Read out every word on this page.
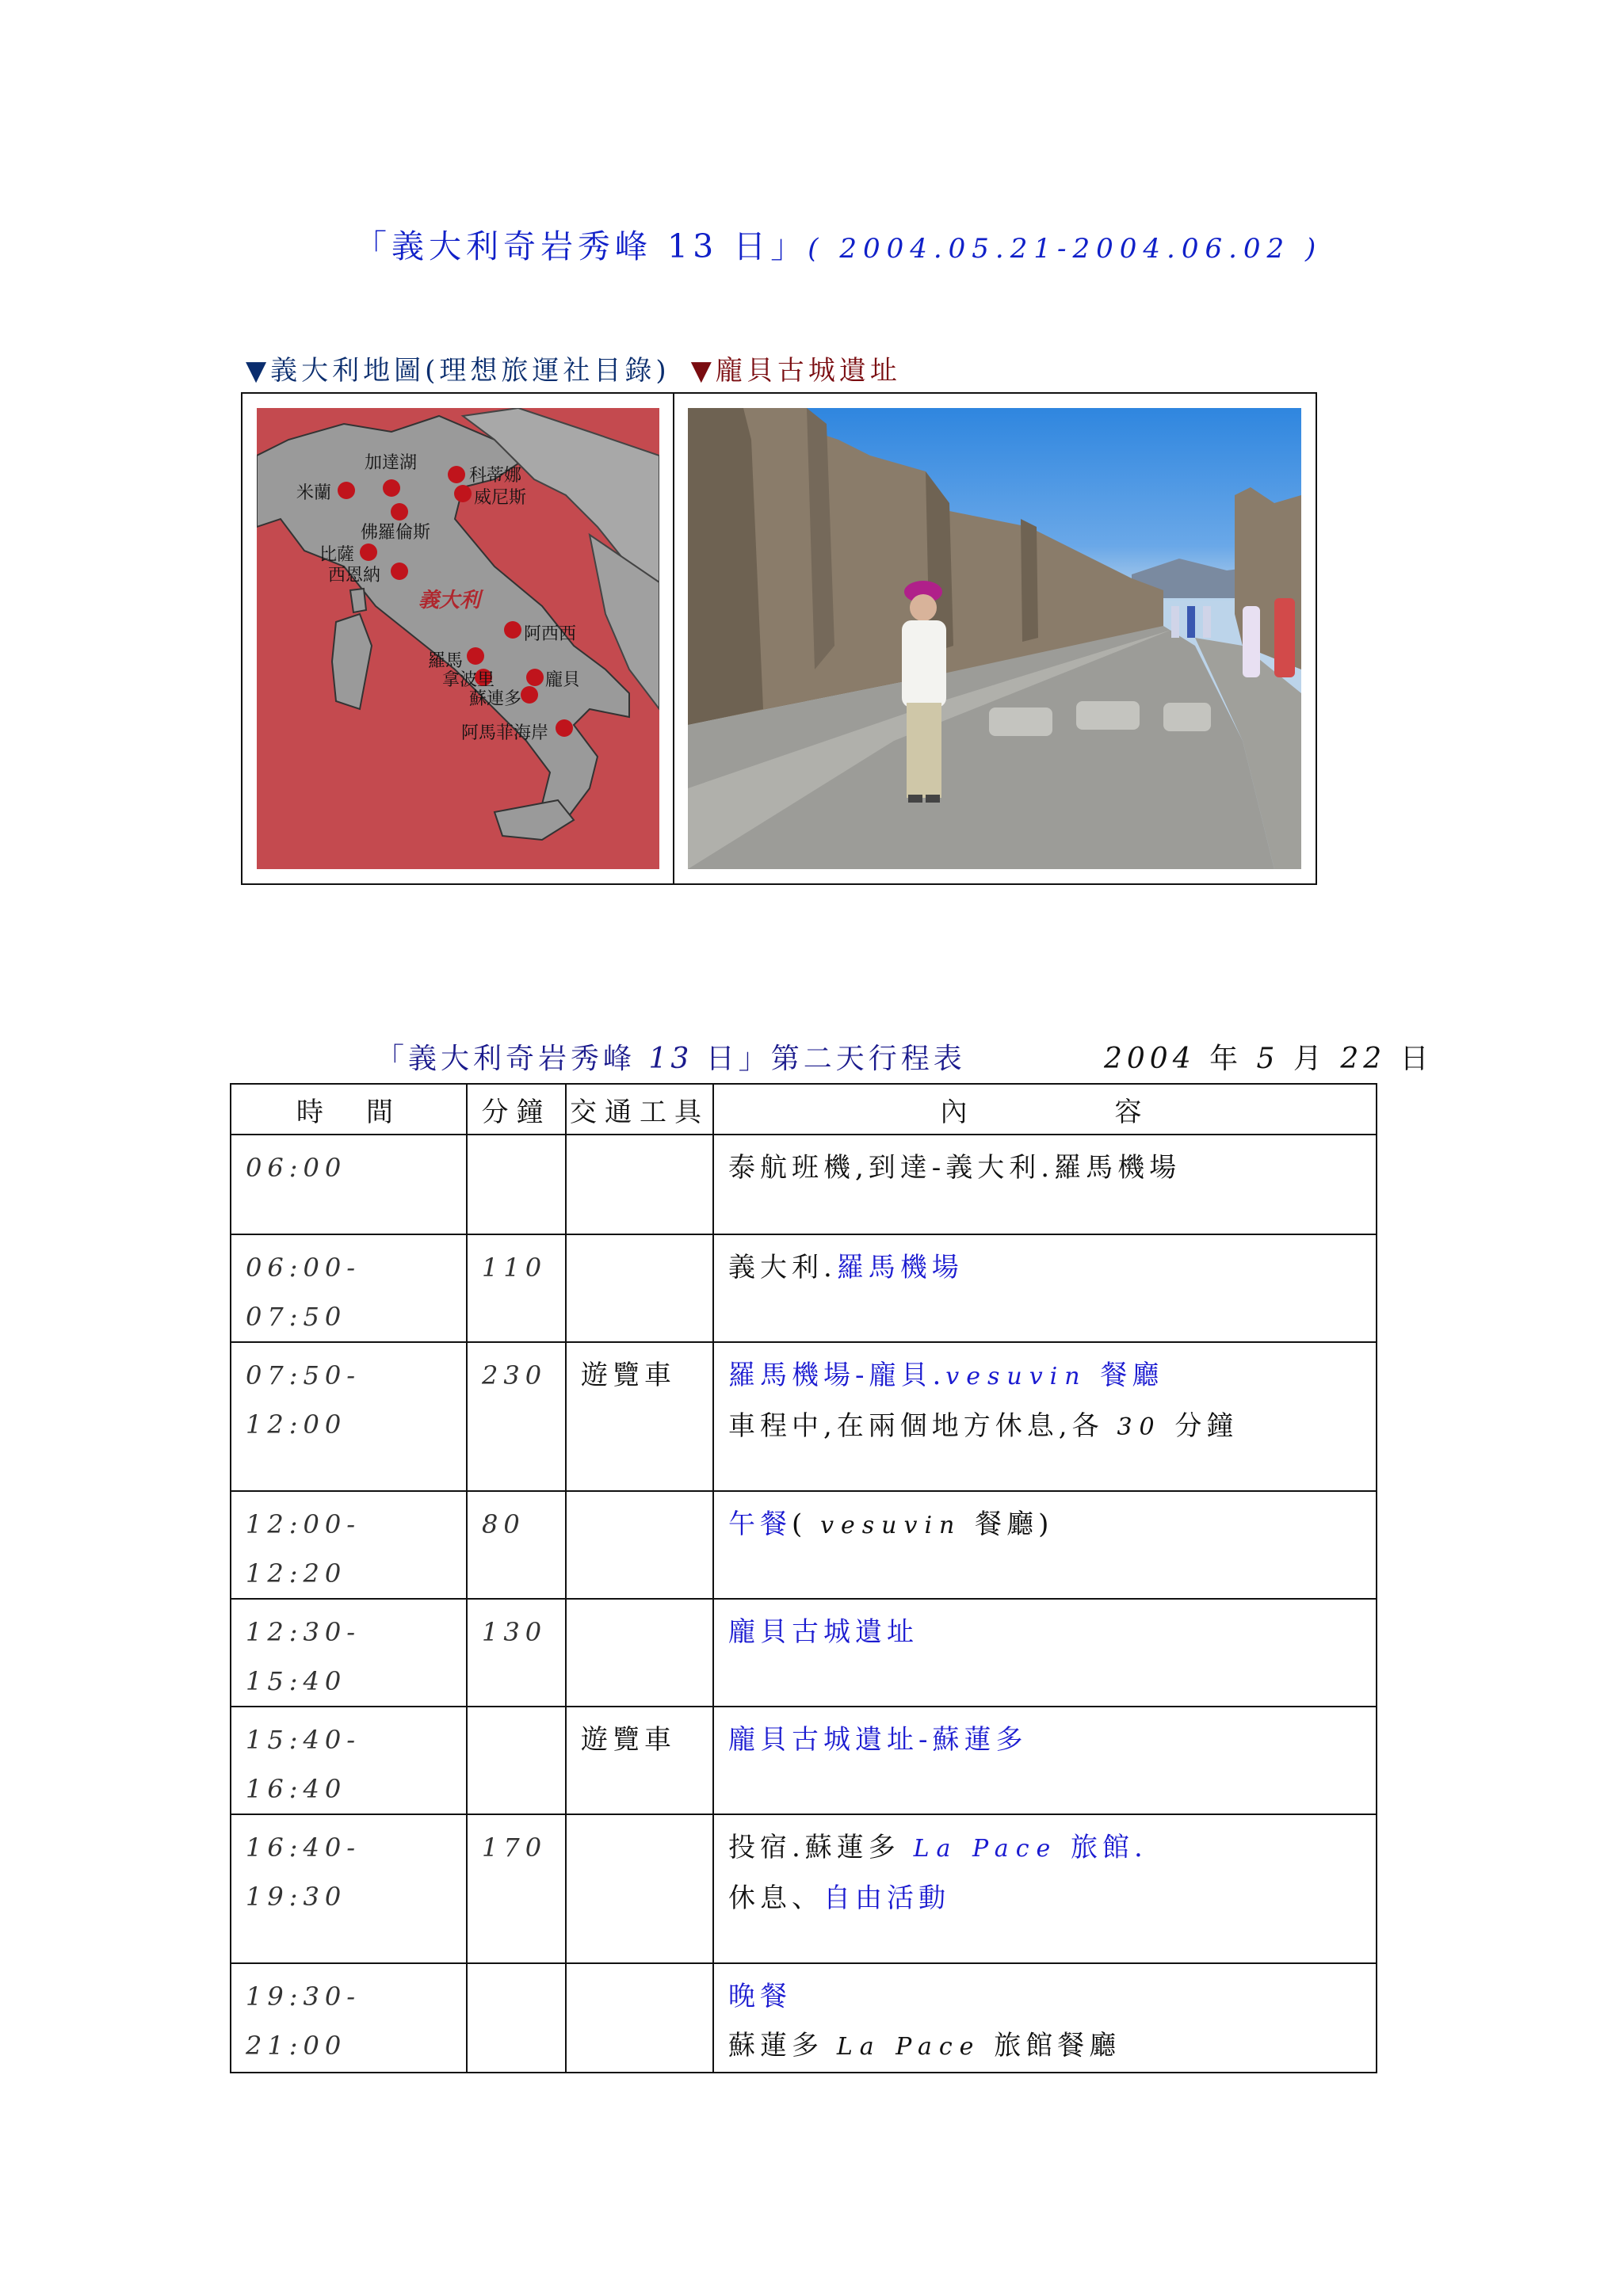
「義大利奇岩秀峰 13 日」( 2004.05.21-2004.06.02 )
▼義大利地圖(理想旅運社目錄) ▼龐貝古城遺址
義大利
米蘭
加達湖
科蒂娜
威尼斯
佛羅倫斯
比薩
西恩納
阿西西
羅馬
拿波里	龐貝
蘇連多
阿馬菲海岸
「義大利奇岩秀峰 13 日」第二天行程表	2004 年 5 月 22 日
時　間	分鐘	交通工具	內　　　　容

06:00			泰航班機,到達-義大利.羅馬機場

06:00-07:50	110		義大利.羅馬機場

07:50-12:00	230	遊覽車	羅馬機場-龐貝.vesuvin 餐廳
車程中,在兩個地方休息,各 30 分鐘

12:00-12:20	80		午餐( vesuvin 餐廳)

12:30-15:40	130		龐貝古城遺址

15:40-16:40		遊覽車	龐貝古城遺址-蘇蓮多

16:40-19:30	170		投宿.蘇蓮多 La Pace 旅館.
休息、自由活動

19:30-21:00			晚餐
蘇蓮多 La Pace 旅館餐廳
